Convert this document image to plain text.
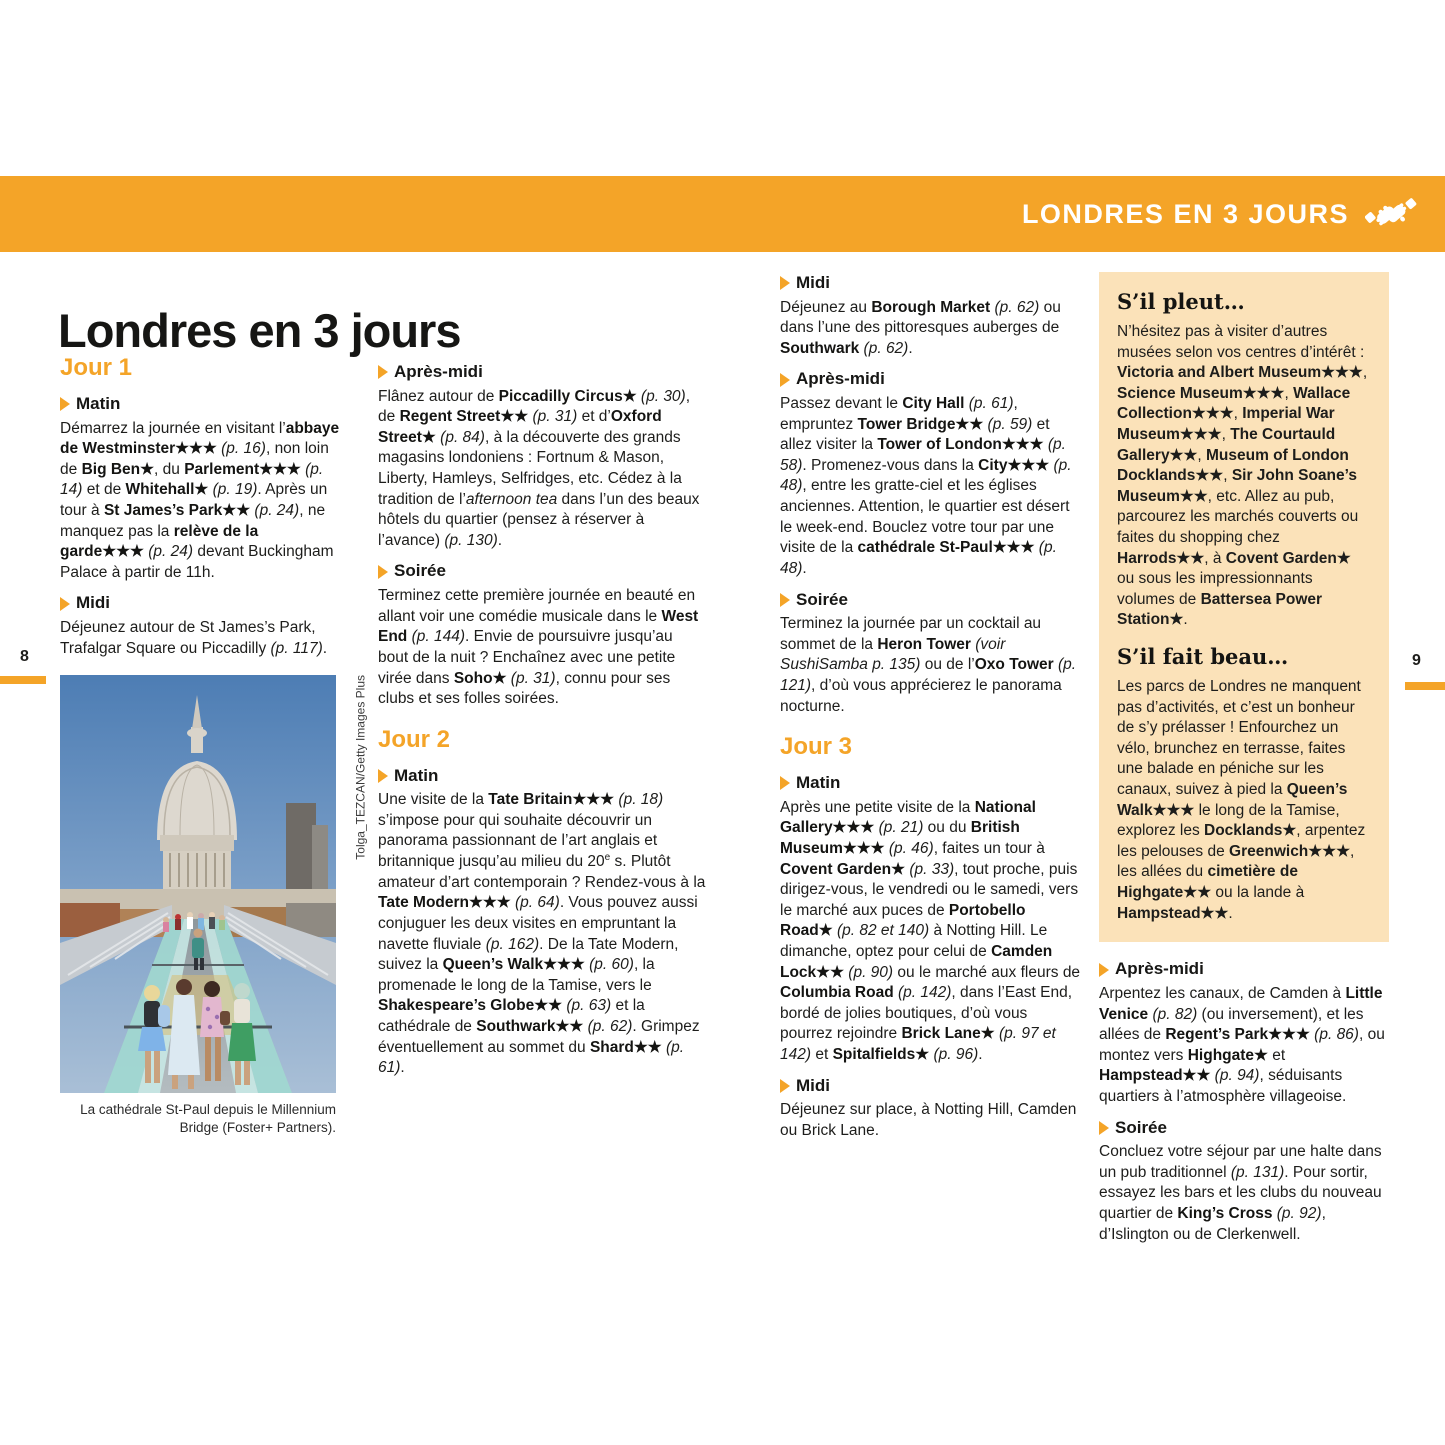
LONDRES EN 3 JOURS
8	9
Londres en 3 jours
Jour 1
Matin

Démarrez la journée en visitant l’abbaye de Westminster★★★ (p. 16), non loin de Big Ben★, du Parlement★★★ (p. 14) et de Whitehall★ (p. 19). Après un tour à St James’s Park★★ (p. 24), ne manquez pas la relève de la garde★★★ (p. 24) devant Buckingham Palace à partir de 11h.

Midi

Déjeunez autour de St James’s Park, Trafalgar Square ou Piccadilly (p. 117).

Tolga_TEZCAN/Getty Images Plus
La cathédrale St-Paul depuis le Millennium Bridge (Foster+ Partners).
Après-midi

Flânez autour de Piccadilly Circus★ (p. 30), de Regent Street★★ (p. 31) et d’Oxford Street★ (p. 84), à la découverte des grands magasins londoniens : Fortnum & Mason, Liberty, Hamleys, Selfridges, etc. Cédez à la tradition de l’afternoon tea dans l’un des beaux hôtels du quartier (pensez à réserver à l’avance) (p. 130).

Soirée

Terminez cette première journée en beauté en allant voir une comédie musicale dans le West End (p. 144). Envie de poursuivre jusqu’au bout de la nuit ? Enchaînez avec une petite virée dans Soho★ (p. 31), connu pour ses clubs et ses folles soirées.

Jour 2
Matin

Une visite de la Tate Britain★★★ (p. 18) s’impose pour qui souhaite découvrir un panorama passionnant de l’art anglais et britannique jusqu’au milieu du 20e s. Plutôt amateur d’art contemporain ? Rendez-vous à la Tate Modern★★★ (p. 64). Vous pouvez aussi conjuguer les deux visites en empruntant la navette fluviale (p. 162). De la Tate Modern, suivez la Queen’s Walk★★★ (p. 60), la promenade le long de la Tamise, vers le Shakespeare’s Globe★★ (p. 63) et la cathédrale de Southwark★★ (p. 62). Grimpez éventuellement au sommet du Shard★★ (p. 61).

Midi

Déjeunez au Borough Market (p. 62) ou dans l’une des pittoresques auberges de Southwark (p. 62).

Après-midi

Passez devant le City Hall (p. 61), empruntez Tower Bridge★★ (p. 59) et allez visiter la Tower of London★★★ (p. 58). Promenez-vous dans la City★★★ (p. 48), entre les gratte-ciel et les églises anciennes. Attention, le quartier est désert le week-end. Bouclez votre tour par une visite de la cathédrale St-Paul★★★ (p. 48).

Soirée

Terminez la journée par un cocktail au sommet de la Heron Tower (voir SushiSamba p. 135) ou de l’Oxo Tower (p. 121), d’où vous apprécierez le panorama nocturne.

Jour 3
Matin

Après une petite visite de la National Gallery★★★ (p. 21) ou du British Museum★★★ (p. 46), faites un tour à Covent Garden★ (p. 33), tout proche, puis dirigez-vous, le vendredi ou le samedi, vers le marché aux puces de Portobello Road★ (p. 82 et 140) à Notting Hill. Le dimanche, optez pour celui de Camden Lock★★ (p. 90) ou le marché aux fleurs de Columbia Road (p. 142), dans l’East End, bordé de jolies boutiques, d’où vous pourrez rejoindre Brick Lane★ (p. 97 et 142) et Spitalfields★ (p. 96).

Midi

Déjeunez sur place, à Notting Hill, Camden ou Brick Lane.

S’il pleut…

N’hésitez pas à visiter d’autres musées selon vos centres d’intérêt : Victoria and Albert Museum★★★, Science Museum★★★, Wallace Collection★★★, Imperial War Museum★★★, The Courtauld Gallery★★, Museum of London Docklands★★, Sir John Soane’s Museum★★, etc. Allez au pub, parcourez les marchés couverts ou faites du shopping chez Harrods★★, à Covent Garden★ ou sous les impressionnants volumes de Battersea Power Station★.

S’il fait beau…

Les parcs de Londres ne manquent pas d’activités, et c’est un bonheur de s’y prélasser ! Enfourchez un vélo, brunchez en terrasse, faites une balade en péniche sur les canaux, suivez à pied la Queen’s Walk★★★ le long de la Tamise, explorez les Docklands★, arpentez les pelouses de Greenwich★★★, les allées du cimetière de Highgate★★ ou la lande à Hampstead★★.

Après-midi

Arpentez les canaux, de Camden à Little Venice (p. 82) (ou inversement), et les allées de Regent’s Park★★★ (p. 86), ou montez vers Highgate★ et Hampstead★★ (p. 94), séduisants quartiers à l’atmosphère villageoise.

Soirée

Concluez votre séjour par une halte dans un pub traditionnel (p. 131). Pour sortir, essayez les bars et les clubs du nouveau quartier de King’s Cross (p. 92), d’Islington ou de Clerkenwell.
